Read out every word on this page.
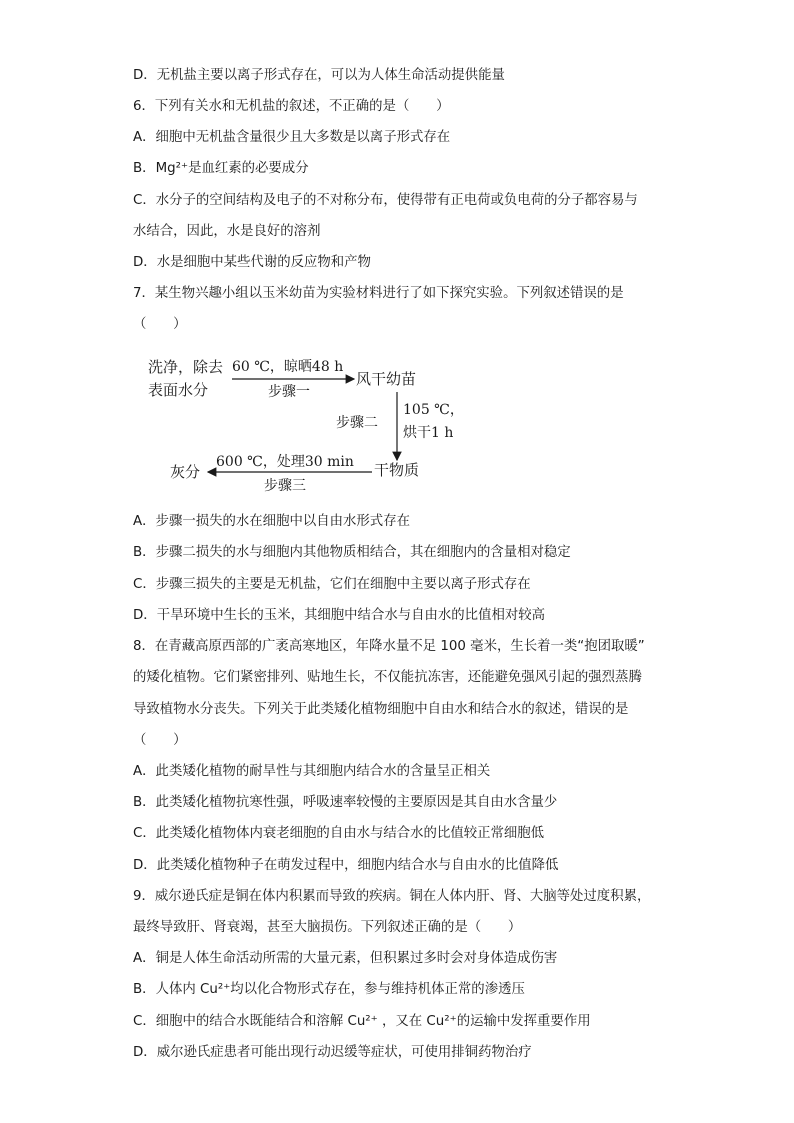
D．无机盐主要以离子形式存在，可以为人体生命活动提供能量
6．下列有关水和无机盐的叙述，不正确的是（　　）
A．细胞中无机盐含量很少且大多数是以离子形式存在
B．Mg²⁺是血红素的必要成分
C．水分子的空间结构及电子的不对称分布，使得带有正电荷或负电荷的分子都容易与
水结合，因此，水是良好的溶剂
D．水是细胞中某些代谢的反应物和产物
7．某生物兴趣小组以玉米幼苗为实验材料进行了如下探究实验。下列叙述错误的是
（　　）
洗净，除去
表面水分
60 ℃，晾晒48 h
步骤一
风干幼苗
步骤二
105 ℃，
烘干1 h
干物质
600 ℃，处理30 min
步骤三
灰分
A．步骤一损失的水在细胞中以自由水形式存在
B．步骤二损失的水与细胞内其他物质相结合，其在细胞内的含量相对稳定
C．步骤三损失的主要是无机盐，它们在细胞中主要以离子形式存在
D．干旱环境中生长的玉米，其细胞中结合水与自由水的比值相对较高
8．在青藏高原西部的广袤高寒地区，年降水量不足 100 毫米，生长着一类“抱团取暖”
的矮化植物。它们紧密排列、贴地生长，不仅能抗冻害，还能避免强风引起的强烈蒸腾
导致植物水分丧失。下列关于此类矮化植物细胞中自由水和结合水的叙述，错误的是
（　　）
A．此类矮化植物的耐旱性与其细胞内结合水的含量呈正相关
B．此类矮化植物抗寒性强，呼吸速率较慢的主要原因是其自由水含量少
C．此类矮化植物体内衰老细胞的自由水与结合水的比值较正常细胞低
D．此类矮化植物种子在萌发过程中，细胞内结合水与自由水的比值降低
9．威尔逊氏症是铜在体内积累而导致的疾病。铜在人体内肝、肾、大脑等处过度积累，
最终导致肝、肾衰竭，甚至大脑损伤。下列叙述正确的是（　　）
A．铜是人体生命活动所需的大量元素，但积累过多时会对身体造成伤害
B．人体内 Cu²⁺均以化合物形式存在，参与维持机体正常的渗透压
C．细胞中的结合水既能结合和溶解 Cu²⁺ ，又在 Cu²⁺的运输中发挥重要作用
D．威尔逊氏症患者可能出现行动迟缓等症状，可使用排铜药物治疗
